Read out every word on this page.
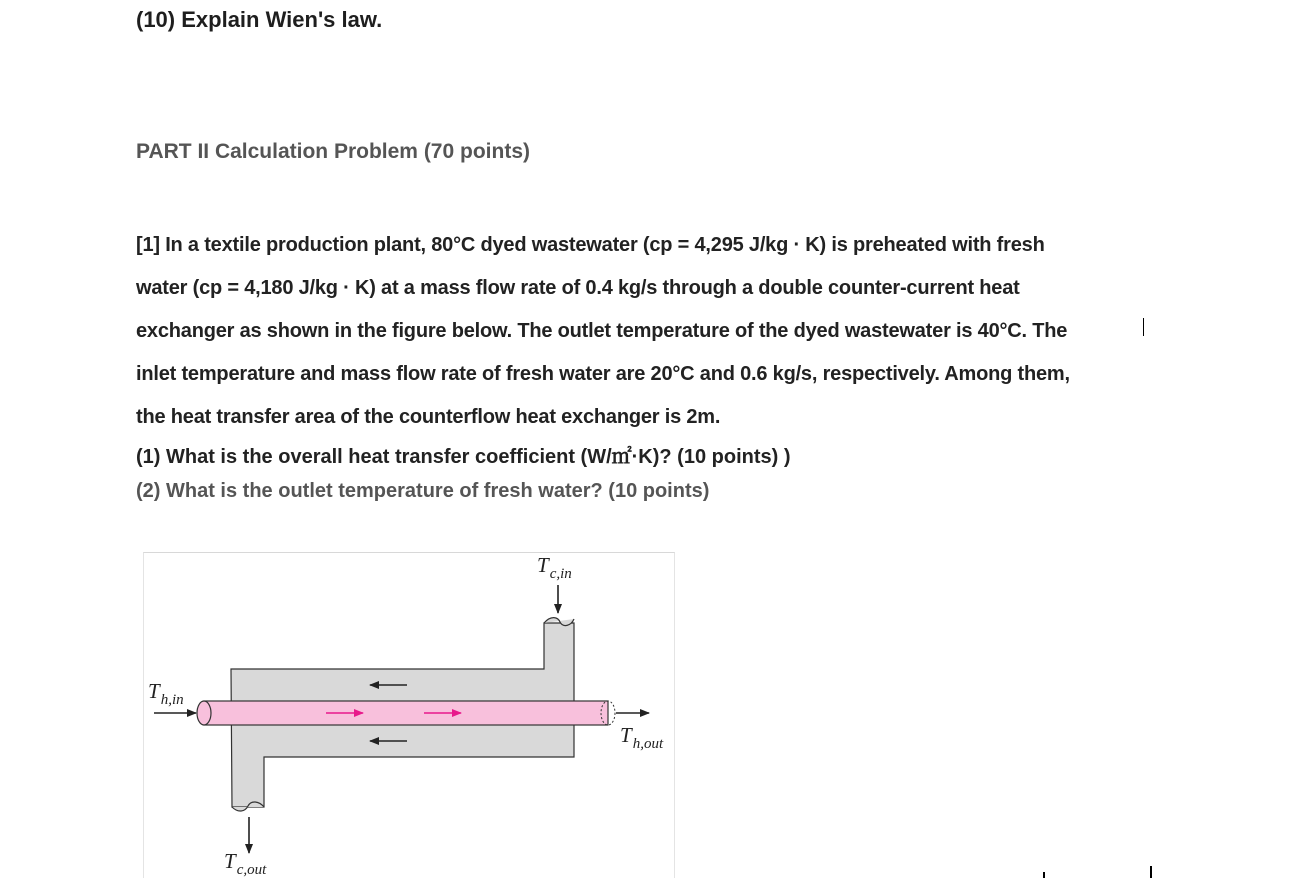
(10) Explain Wien's law.
PART II Calculation Problem (70 points)

[1] In a textile production plant, 80°C dyed wastewater (cp = 4,295 J/kg · K) is preheated with fresh
water (cp = 4,180 J/kg · K) at a mass flow rate of 0.4 kg/s through a double counter-current heat
exchanger as shown in the figure below. The outlet temperature of the dyed wastewater is 40°C. The
inlet temperature and mass flow rate of fresh water are 20°C and 0.6 kg/s, respectively. Among them,
the heat transfer area of the counterflow heat exchanger is 2m.

(1) What is the overall heat transfer coefficient (W/㎡·K)? (10 points) )

(2) What is the outlet temperature of fresh water? (10 points)

$T_{c,in}$
$T_{h,in}$
$T_{h,out}$
$T_{c,out}$
